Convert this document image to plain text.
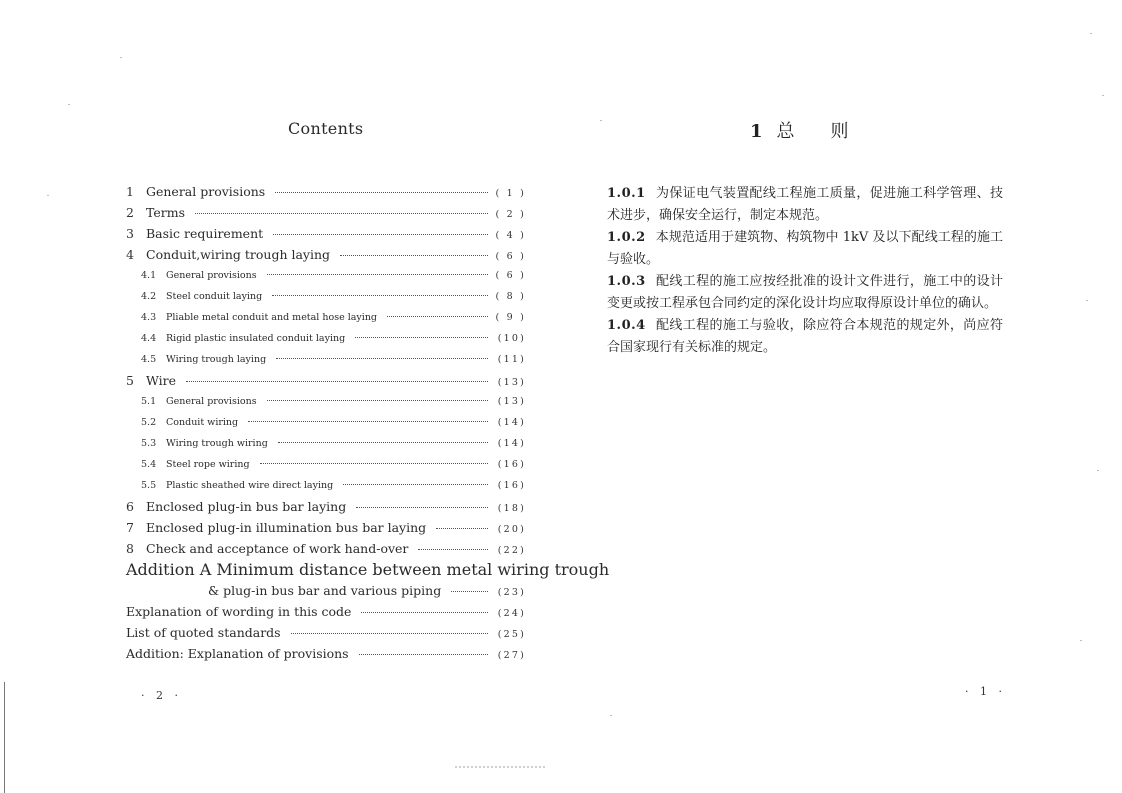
Contents
1 General provisions	( 1 )
2 Terms	( 2 )
3 Basic requirement	( 4 )
4 Conduit,wiring trough laying	( 6 )
4.1	General provisions	( 6 )
4.2	Steel conduit laying	( 8 )
4.3	Pliable metal conduit and metal hose laying	( 9 )
4.4	Rigid plastic insulated conduit laying	(10)
4.5	Wiring trough laying	(11)
5 Wire	(13)
5.1	General provisions	(13)
5.2	Conduit wiring	(14)
5.3	Wiring trough wiring	(14)
5.4	Steel rope wiring	(16)
5.5	Plastic sheathed wire direct laying	(16)
6 Enclosed plug-in bus bar laying	(18)
7 Enclosed plug-in illumination bus bar laying	(20)
8 Check and acceptance of work hand-over	(22)
Addition A Minimum distance between metal wiring trough
& plug-in bus bar and various piping	(23)
Explanation of wording in this code	(24)
List of quoted standards	(25)
Addition: Explanation of provisions	(27)
· 2 ·
1 总 则

1.0.1 为保证电气装置配线工程施工质量，促进施工科学管理、技术进步，确保安全运行，制定本规范。

1.0.2 本规范适用于建筑物、构筑物中 1kV 及以下配线工程的施工与验收。

1.0.3 配线工程的施工应按经批准的设计文件进行，施工中的设计变更或按工程承包合同约定的深化设计均应取得原设计单位的确认。

1.0.4 配线工程的施工与验收，除应符合本规范的规定外，尚应符合国家现行有关标准的规定。

· 1 ·
